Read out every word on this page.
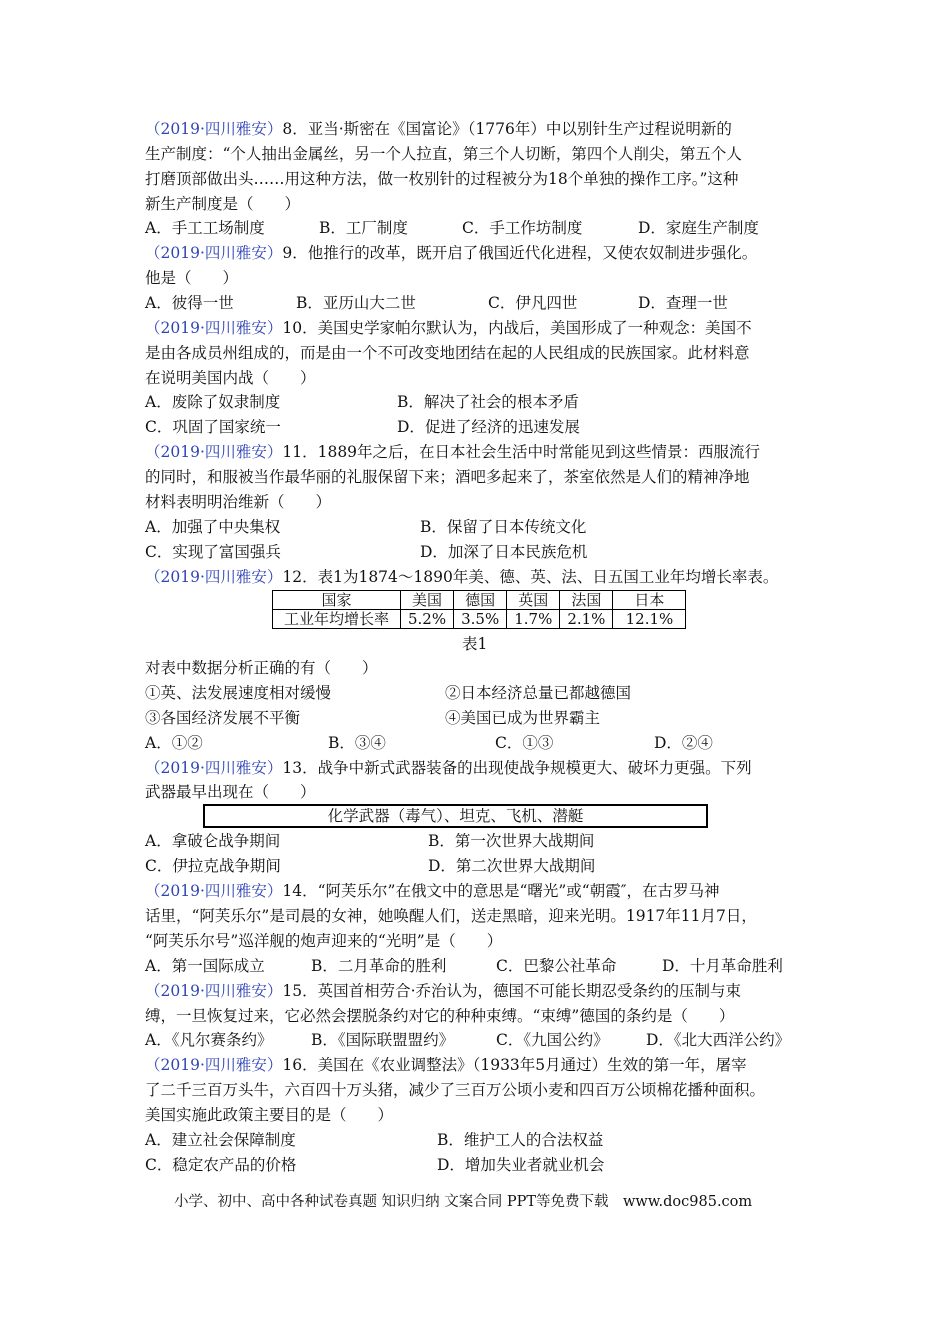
（2019·四川雅安）8．亚当·斯密在《国富论》（1776年）中以别针生产过程说明新的
生产制度：“个人抽出金属丝，另一个人拉直，第三个人切断，第四个人削尖，第五个人
打磨顶部做出头……用这种方法，做一枚别针的过程被分为18个单独的操作工序。”这种
新生产制度是（　　）
A．手工工场制度	B．工厂制度	C．手工作坊制度	D．家庭生产制度
（2019·四川雅安）9．他推行的改革，既开启了俄国近代化进程，又使农奴制进步强化。
他是（　　）
A．彼得一世	B．亚历山大二世	C．伊凡四世	D．查理一世
（2019·四川雅安）10．美国史学家帕尔默认为，内战后，美国形成了一种观念：美国不
是由各成员州组成的，而是由一个不可改变地团结在起的人民组成的民族国家。此材料意
在说明美国内战（　　）
A．废除了奴隶制度	B．解决了社会的根本矛盾
C．巩固了国家统一	D．促进了经济的迅速发展
（2019·四川雅安）11．1889年之后，在日本社会生活中时常能见到这些情景：西服流行
的同时，和服被当作最华丽的礼服保留下来；酒吧多起来了，茶室依然是人们的精神净地
材料表明明治维新（　　）
A．加强了中央集权	B．保留了日本传统文化
C．实现了富国强兵	D．加深了日本民族危机
（2019·四川雅安）12．表1为1874～1890年美、德、英、法、日五国工业年均增长率表。
国家	美国	德国	英国	法国	日本
工业年均增长率	5.2%	3.5%	1.7%	2.1%	12.1%
表1
对表中数据分析正确的有（　　）
①英、法发展速度相对缓慢	②日本经济总量已都越德国
③各国经济发展不平衡	④美国已成为世界霸主
A．①②	B．③④	C．①③	D．②④
（2019·四川雅安）13．战争中新式武器装备的出现使战争规模更大、破坏力更强。下列
武器最早出现在（　　）
化学武器（毒气）、坦克、飞机、潜艇
A．拿破仑战争期间	B．第一次世界大战期间
C．伊拉克战争期间	D．第二次世界大战期间
（2019·四川雅安）14．“阿芙乐尔”在俄文中的意思是“曙光”或“朝霞″，在古罗马神
话里，“阿芙乐尔”是司晨的女神，她唤醒人们，送走黑暗，迎来光明。1917年11月7日，
“阿芙乐尔号”巡洋舰的炮声迎来的“光明”是（　　）
A．第一国际成立	B．二月革命的胜利	C．巴黎公社革命	D．十月革命胜利
（2019·四川雅安）15．英国首相劳合·乔治认为，德国不可能长期忍受条约的压制与束
缚，一旦恢复过来，它必然会摆脱条约对它的种种束缚。“束缚”德国的条约是（　　）
A．《凡尔赛条约》 B．《国际联盟盟约》	C．《九国公约》 D．《北大西洋公约》
（2019·四川雅安）16．美国在《农业调整法》（1933年5月通过）生效的第一年，屠宰
了二千三百万头牛，六百四十万头猪，减少了三百万公顷小麦和四百万公顷棉花播种面积。
美国实施此政策主要目的是（　　）
A．建立社会保障制度	B．维护工人的合法权益
C．稳定农产品的价格	D．增加失业者就业机会
小学、初中、高中各种试卷真题 知识归纳 文案合同 PPT等免费下载　www.doc985.com
